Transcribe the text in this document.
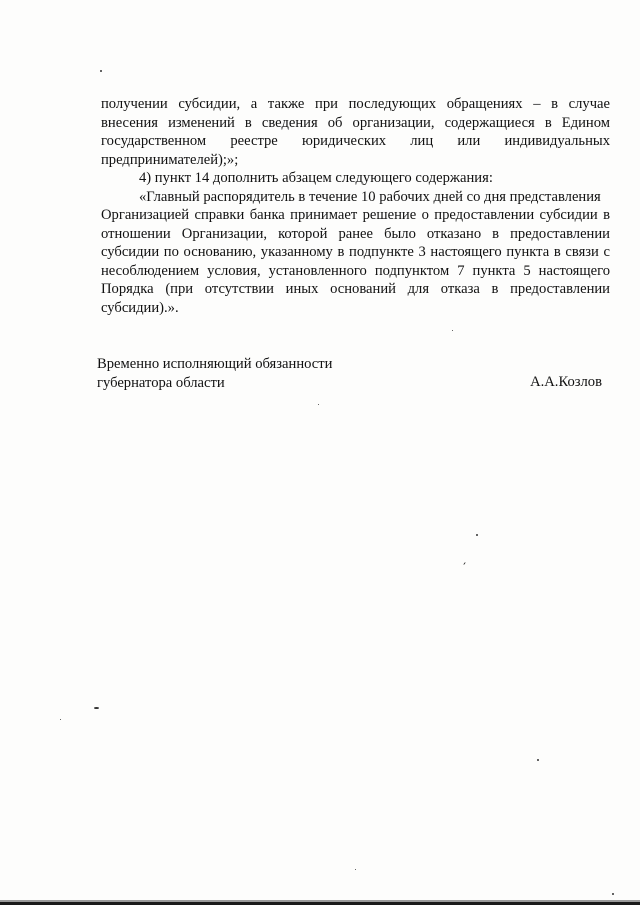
получении субсидии, а также при последующих обращениях – в случае
внесения изменений в сведения об организации, содержащиеся в Едином
государственном реестре юридических лиц или индивидуальных
предпринимателей);»;
4) пункт 14 дополнить абзацем следующего содержания:
«Главный распорядитель в течение 10 рабочих дней со дня представления
Организацией справки банка принимает решение о предоставлении субсидии в
отношении Организации, которой ранее было отказано в предоставлении
субсидии по основанию, указанному в подпункте 3 настоящего пункта в связи с
несоблюдением условия, установленного подпунктом 7 пункта 5 настоящего
Порядка (при отсутствии иных оснований для отказа в предоставлении
субсидии).».
Временно исполняющий обязанности
губернатора области	А.А.Козлов
